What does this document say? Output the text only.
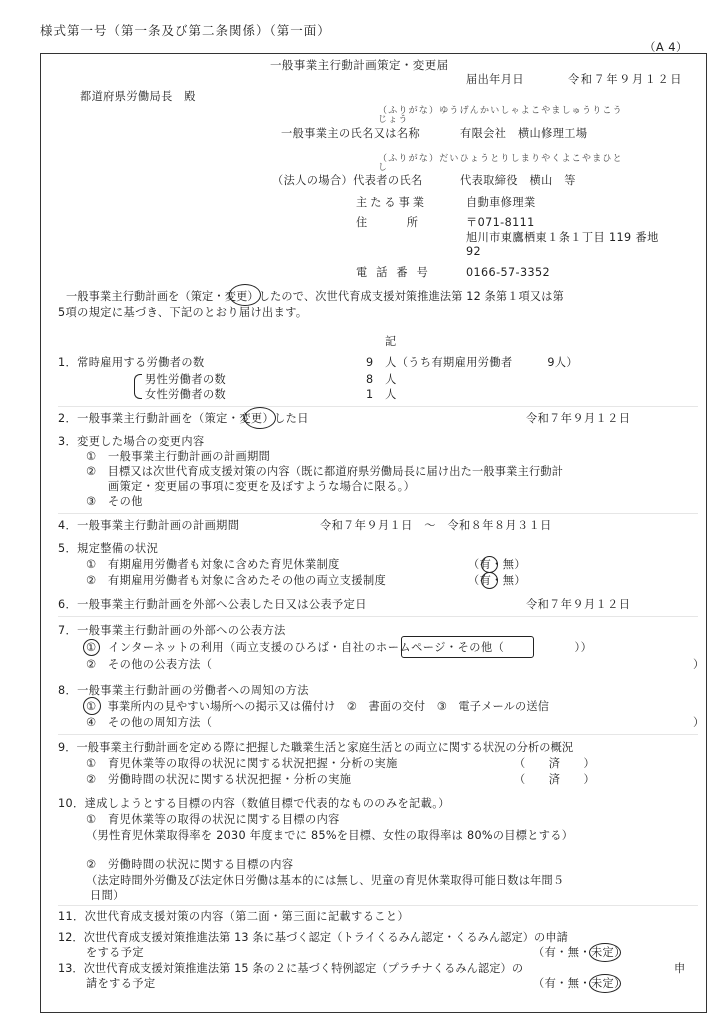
様式第一号（第一条及び第二条関係）（第一面）
（A 4）
一般事業主行動計画策定・変更届
届出年月日	令和７年９月１２日
都道府県労働局長　殿
（ふりがな）ゆうげんかいしゃよこやましゅうりこう
じょう
一般事業主の氏名又は名称	有限会社　横山修理工場
（ふりがな）だいひょうとりしまりやくよこやまひと
し
（法人の場合）代表者の氏名	代表取締役　横山　等
主たる事業	自動車修理業
住　　　所	〒071-8111
旭川市東鷹栖東１条１丁目 119 番地
92
電話番号	0166-57-3352
一般事業主行動計画を（策定・変更）したので、次世代育成支援対策推進法第 12 条第１項又は第
5項の規定に基づき、下記のとおり届け出ます。
記
1．常時雇用する労働者の数	9　人（うち有期雇用労働者　　　9人）
男性労働者の数	8　人
女性労働者の数	1　人
2．一般事業主行動計画を（策定・変更）した日	令和７年９月１２日
3．変更した場合の変更内容
①　一般事業主行動計画の計画期間
②　目標又は次世代育成支援対策の内容（既に都道府県労働局長に届け出た一般事業主行動計
画策定・変更届の事項に変更を及ぼすような場合に限る。）
③　その他
4．一般事業主行動計画の計画期間	令和７年９月１日　～　令和８年８月３１日
5．規定整備の状況
①　有期雇用労働者も対象に含めた育児休業制度	（有・無）
②　有期雇用労働者も対象に含めたその他の両立支援制度	（有・無）
6．一般事業主行動計画を外部へ公表した日又は公表予定日	令和７年９月１２日
7．一般事業主行動計画の外部への公表方法
①　インターネットの利用（両立支援のひろば・自社のホームページ・その他（　　　　　　））
②　その他の公表方法（	）
8．一般事業主行動計画の労働者への周知の方法
①　事業所内の見やすい場所への掲示又は備付け　②　書面の交付　③　電子メールの送信
④　その他の周知方法（	）
9．一般事業主行動計画を定める際に把握した職業生活と家庭生活との両立に関する状況の分析の概況
①　育児休業等の取得の状況に関する状況把握・分析の実施	（　　済　　）
②　労働時間の状況に関する状況把握・分析の実施	（　　済　　）
10．達成しようとする目標の内容（数値目標で代表的なもののみを記載。）
①　育児休業等の取得の状況に関する目標の内容
（男性育児休業取得率を 2030 年度までに 85%を目標、女性の取得率は 80%の目標とする）
②　労働時間の状況に関する目標の内容
（法定時間外労働及び法定休日労働は基本的には無し、児童の育児休業取得可能日数は年間５
日間）
11．次世代育成支援対策の内容（第二面・第三面に記載すること）
12．次世代育成支援対策推進法第 13 条に基づく認定（トライくるみん認定・くるみん認定）の申請
をする予定	（有・無・未定）
13．次世代育成支援対策推進法第 15 条の２に基づく特例認定（プラチナくるみん認定）の	申
請をする予定	（有・無・未定）
